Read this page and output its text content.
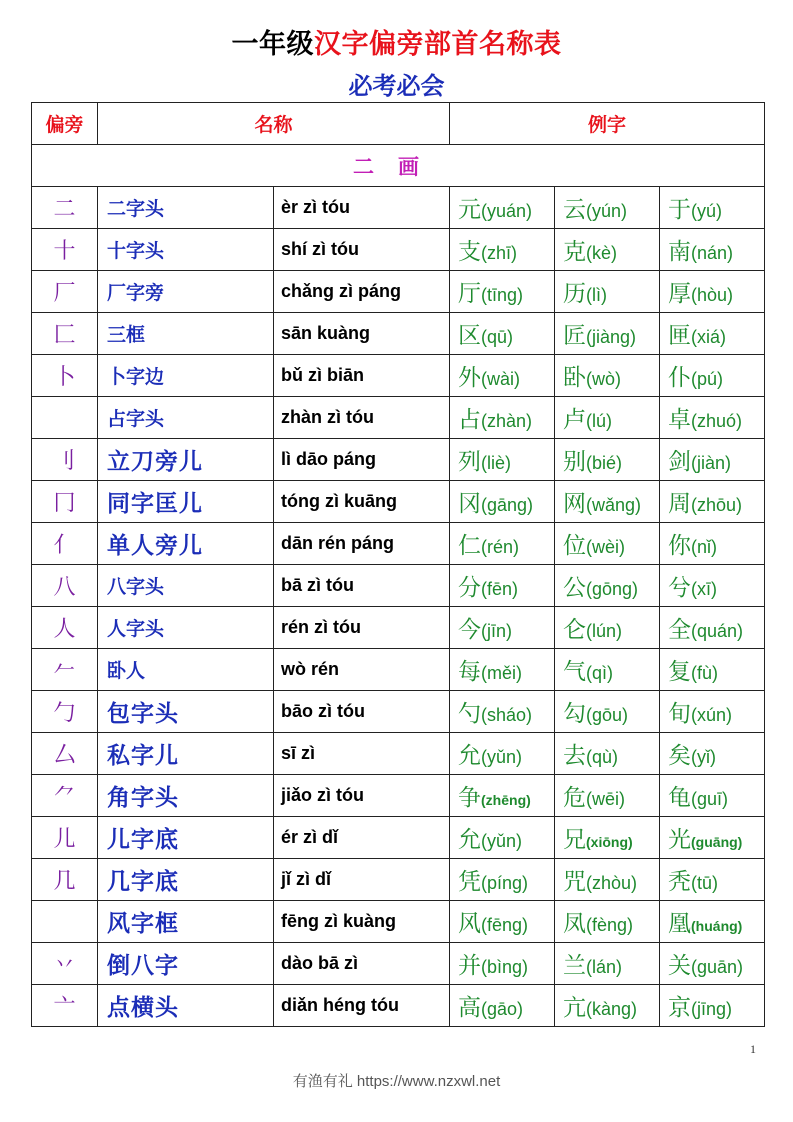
一年级汉字偏旁部首名称表
必考必会
偏旁	名称		例字		
二画					
二	二字头	èr zì tóu	元(yuán)	云(yún)	于(yú)
十	十字头	shí zì tóu	支(zhī)	克(kè)	南(nán)
厂	厂字旁	chǎng zì páng	厅(tīng)	历(lì)	厚(hòu)
匚	三框	sān kuàng	区(qū)	匠(jiàng)	匣(xiá)
卜	卜字边	bǔ zì biān	外(wài)	卧(wò)	仆(pú)
	占字头	zhàn zì tóu	占(zhàn)	卢(lú)	卓(zhuó)
刂	立刀旁儿	lì dāo páng	列(liè)	别(bié)	剑(jiàn)
冂	同字匡儿	tóng zì kuāng	冈(gāng)	网(wǎng)	周(zhōu)
亻	单人旁儿	dān rén páng	仁(rén)	位(wèi)	你(nǐ)
八	八字头	bā zì tóu	分(fēn)	公(gōng)	兮(xī)
人	人字头	rén zì tóu	今(jīn)	仑(lún)	全(quán)
𠂉	卧人	wò rén	每(měi)	气(qì)	复(fù)
勹	包字头	bāo zì tóu	勺(sháo)	勾(gōu)	旬(xún)
厶	私字儿	sī zì	允(yǔn)	去(qù)	矣(yǐ)
⺈	角字头	jiǎo zì tóu	争(zhēng)	危(wēi)	龟(guī)
儿	儿字底	ér zì dǐ	允(yǔn)	兄(xiōng)	光(guāng)
几	几字底	jǐ zì dǐ	凭(píng)	咒(zhòu)	秃(tū)
	风字框	fēng zì kuàng	风(fēng)	凤(fèng)	凰(huáng)
丷	倒八字	dào bā zì	并(bìng)	兰(lán)	关(guān)
亠	点横头	diǎn héng tóu	高(gāo)	亢(kàng)	京(jīng)
1
有渔有礼 https://www.nzxwl.net
